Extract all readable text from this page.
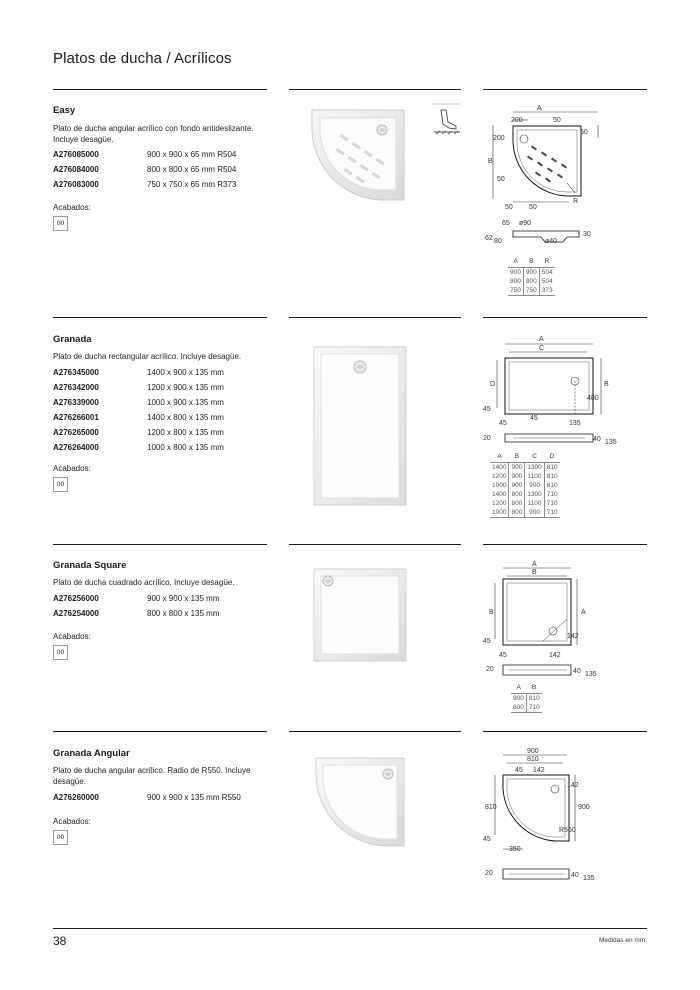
Platos de ducha / Acrílicos
Easy
Plato de ducha angular acrílico con fondo antideslizante. Incluye desagüe.
A276085000	900 x 900 x 65 mm R504
A276084000	800 x 800 x 65 mm R504
A276083000	750 x 750 x 65 mm R373
Acabados:
00
A
200	50
50
200
B
50
50 50
R
65 ø90
62 80	ø40
30
A	B	R
900	900	504
800	800	504
750	750	373
Granada
Plato de ducha rectangular acrílico. Incluye desagüe.
A276345000	1400 x 900 x 135 mm
A276342000	1200 x 900 x 135 mm
A276339000	1000 x 900 x 135 mm
A276266001	1400 x 800 x 135 mm
A276265000	1200 x 800 x 135 mm
A276264000	1000 x 800 x 135 mm
Acabados:
00
A
C
D	B
400
45
45	135
45
20	40 135
A	B	C	D
1400	900	1300	810
1200	900	1100	810
1000	900	900	810
1400	800	1300	710
1200	800	1100	710
1000	800	900	710
Granada Square
Plato de ducha cuadrado acrílico. Incluye desagüe.
A276256000	900 x 900 x 135 mm
A276254000	800 x 800 x 135 mm
Acabados:
00
A
B
B	A
142
45
45	142
20	40 135
A	B
900	810
800	710
Granada Angular
Plato de ducha angular acrílico. Radio de R550. Incluye desagüe.
A276260000	900 x 900 x 135 mm R550
Acabados:
00
900
810
45 142
810	900
142
R550
45
350
20	40 135
38	Medidas en mm.
